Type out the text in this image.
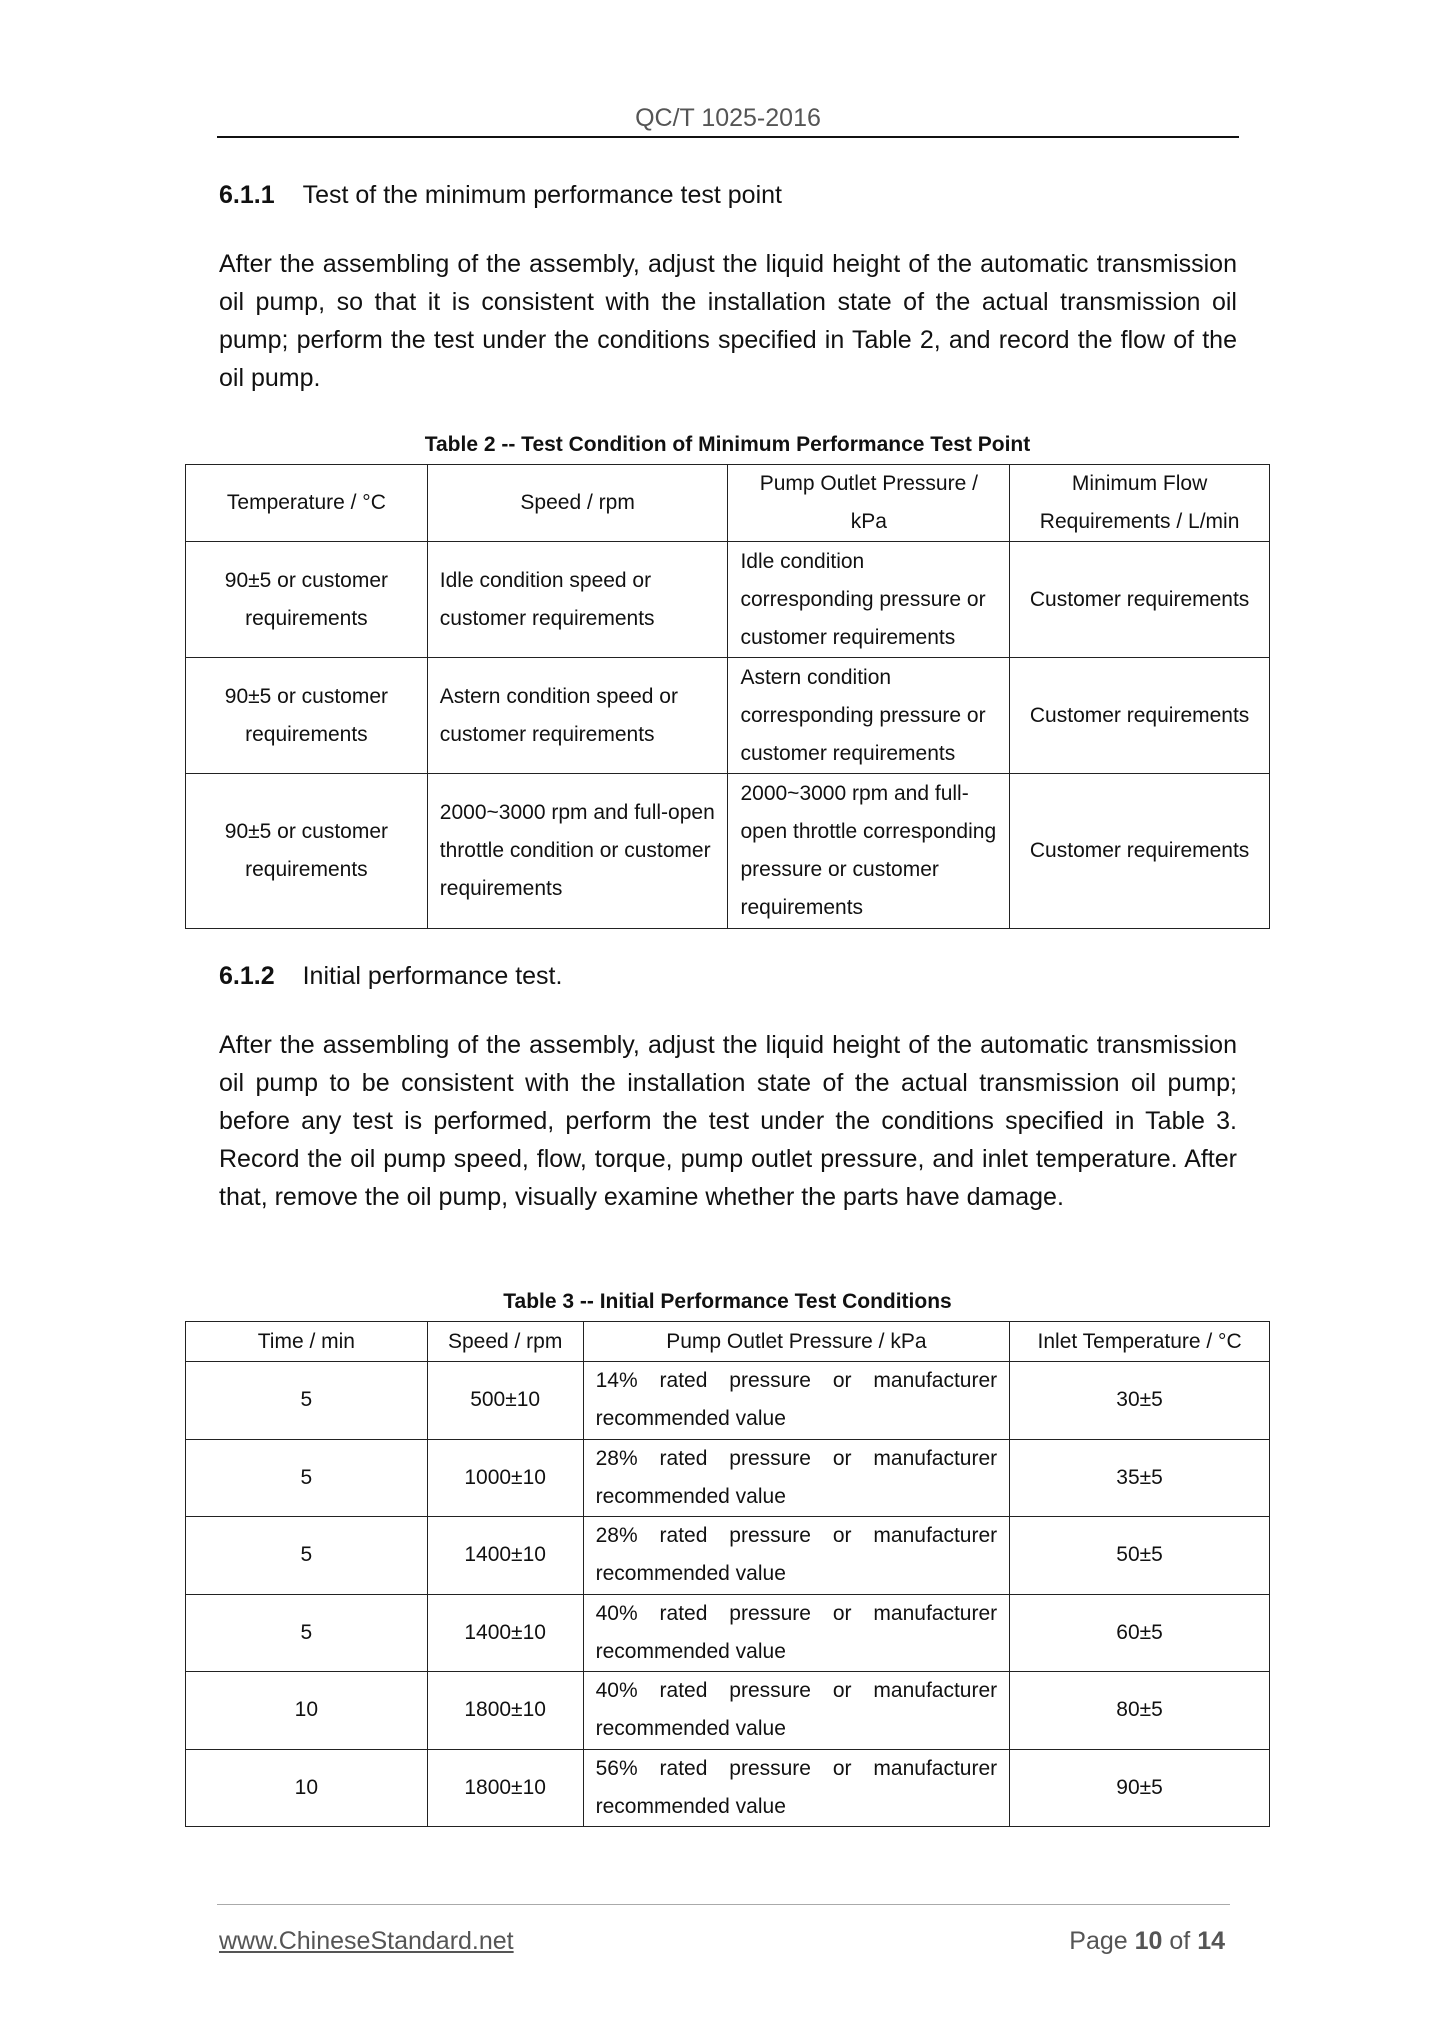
QC/T 1025-2016
6.1.1 Test of the minimum performance test point
After the assembling of the assembly, adjust the liquid height of the automatic transmission oil pump, so that it is consistent with the installation state of the actual transmission oil pump; perform the test under the conditions specified in Table 2, and record the flow of the oil pump.
Table 2 -- Test Condition of Minimum Performance Test Point
Temperature / °C	Speed / rpm	Pump Outlet Pressure / kPa	Minimum Flow Requirements / L/min
90±5 or customer requirements	Idle condition speed or customer requirements	Idle condition corresponding pressure or customer requirements	Customer requirements
90±5 or customer requirements	Astern condition speed or customer requirements	Astern condition corresponding pressure or customer requirements	Customer requirements
90±5 or customer requirements	2000~3000 rpm and full-open throttle condition or customer requirements	2000~3000 rpm and full-open throttle corresponding pressure or customer requirements	Customer requirements
6.1.2 Initial performance test.
After the assembling of the assembly, adjust the liquid height of the automatic transmission oil pump to be consistent with the installation state of the actual transmission oil pump; before any test is performed, perform the test under the conditions specified in Table 3. Record the oil pump speed, flow, torque, pump outlet pressure, and inlet temperature. After that, remove the oil pump, visually examine whether the parts have damage.
Table 3 -- Initial Performance Test Conditions
Time / min	Speed / rpm	Pump Outlet Pressure / kPa	Inlet Temperature / °C
5	500±10	14% rated pressure or manufacturer recommended value	30±5
5	1000±10	28% rated pressure or manufacturer recommended value	35±5
5	1400±10	28% rated pressure or manufacturer recommended value	50±5
5	1400±10	40% rated pressure or manufacturer recommended value	60±5
10	1800±10	40% rated pressure or manufacturer recommended value	80±5
10	1800±10	56% rated pressure or manufacturer recommended value	90±5
www.ChineseStandard.net	Page 10 of 14
